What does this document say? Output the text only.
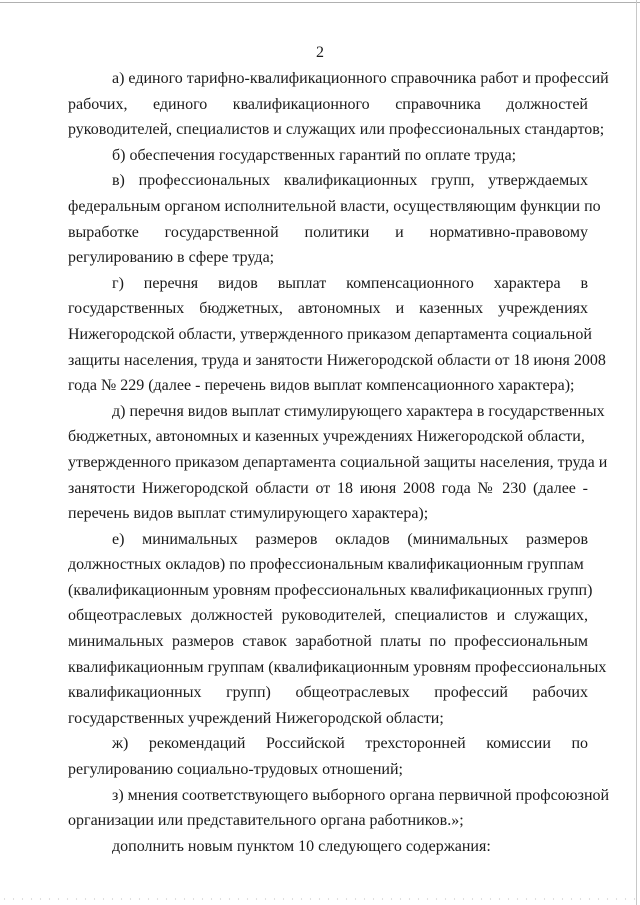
2

а) единого тарифно-квалификационного справочника работ и профессий
рабочих, единого квалификационного справочника должностей
руководителей, специалистов и служащих или профессиональных стандартов;

б) обеспечения государственных гарантий по оплате труда;

в) профессиональных квалификационных групп, утверждаемых
федеральным органом исполнительной власти, осуществляющим функции по
выработке государственной политики и нормативно-правовому
регулированию в сфере труда;

г) перечня видов выплат компенсационного характера в
государственных бюджетных, автономных и казенных учреждениях
Нижегородской области, утвержденного приказом департамента социальной
защиты населения, труда и занятости Нижегородской области от 18 июня 2008
года № 229 (далее - перечень видов выплат компенсационного характера);

д) перечня видов выплат стимулирующего характера в государственных
бюджетных, автономных и казенных учреждениях Нижегородской области,
утвержденного приказом департамента социальной защиты населения, труда и
занятости Нижегородской области от 18 июня 2008 года № 230 (далее -
перечень видов выплат стимулирующего характера);

е) минимальных размеров окладов (минимальных размеров
должностных окладов) по профессиональным квалификационным группам
(квалификационным уровням профессиональных квалификационных групп)
общеотраслевых должностей руководителей, специалистов и служащих,
минимальных размеров ставок заработной платы по профессиональным
квалификационным группам (квалификационным уровням профессиональных
квалификационных групп) общеотраслевых профессий рабочих
государственных учреждений Нижегородской области;

ж) рекомендаций Российской трехсторонней комиссии по
регулированию социально-трудовых отношений;

з) мнения соответствующего выборного органа первичной профсоюзной
организации или представительного органа работников.»;

дополнить новым пунктом 10 следующего содержания:
